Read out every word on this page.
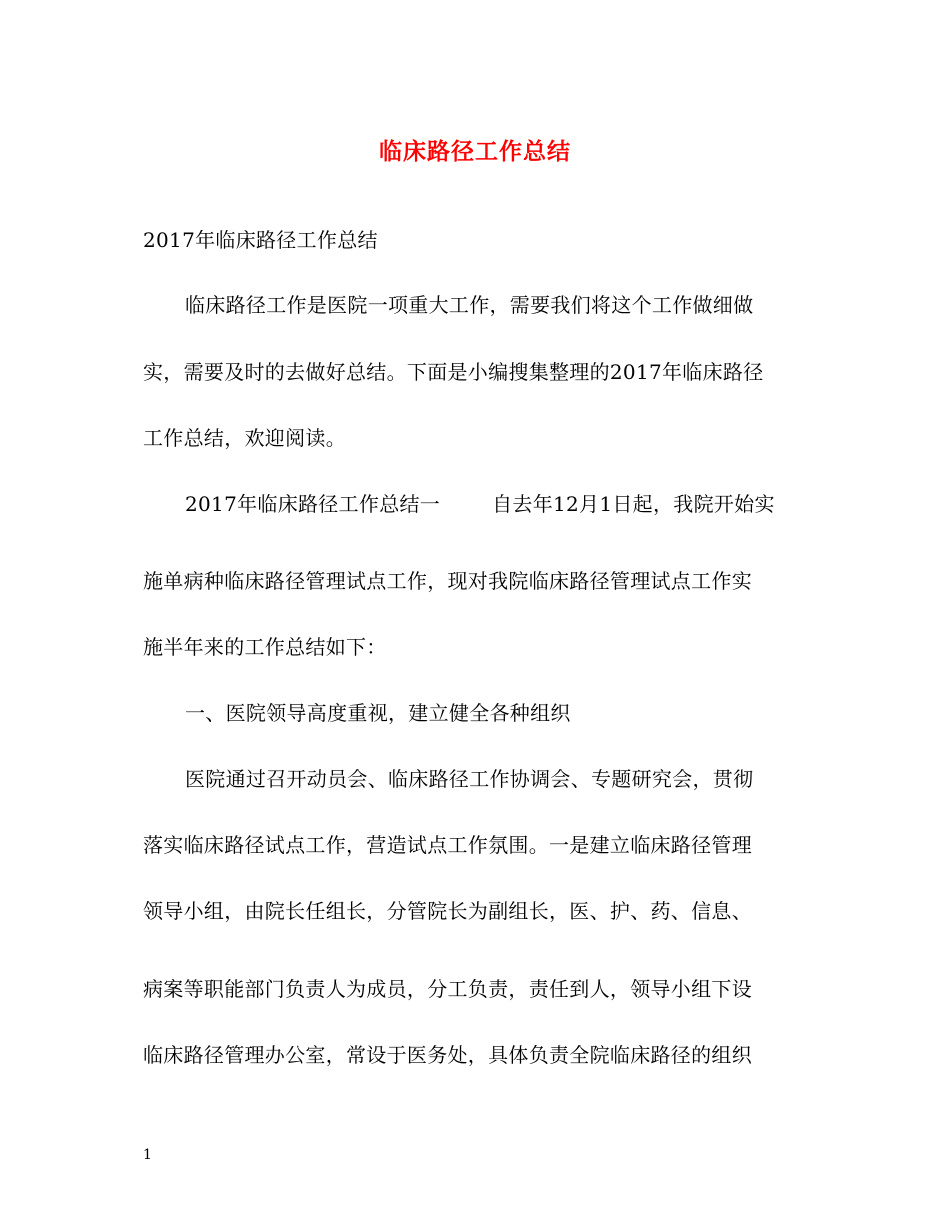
临床路径工作总结
2017年临床路径工作总结
临床路径工作是医院一项重大工作，需要我们将这个工作做细做
实，需要及时的去做好总结。下面是小编搜集整理的2017年临床路径
工作总结，欢迎阅读。
2017年临床路径工作总结一	自去年12月1日起，我院开始实
施单病种临床路径管理试点工作，现对我院临床路径管理试点工作实
施半年来的工作总结如下：
一、医院领导高度重视，建立健全各种组织
医院通过召开动员会、临床路径工作协调会、专题研究会，贯彻
落实临床路径试点工作，营造试点工作氛围。一是建立临床路径管理
领导小组，由院长任组长，分管院长为副组长，医、护、药、信息、
病案等职能部门负责人为成员，分工负责，责任到人，领导小组下设
临床路径管理办公室，常设于医务处，具体负责全院临床路径的组织
1
